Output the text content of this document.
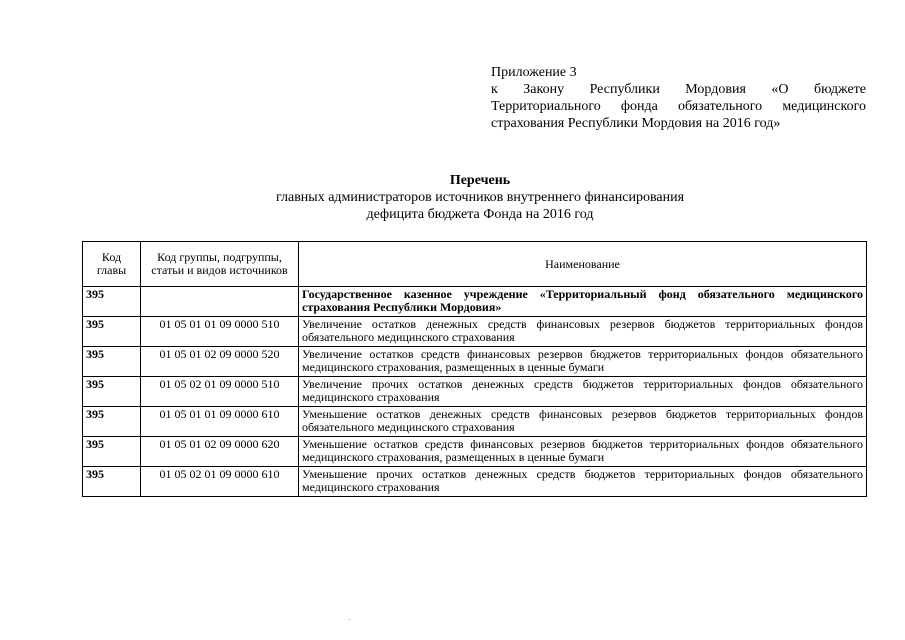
Приложение 3
к Закону Республики Мордовия «О бюджете
Территориального фонда обязательного медицинского
страхования Республики Мордовия на 2016 год»
Перечень
главных администраторов источников внутреннего финансирования
дефицита бюджета Фонда на 2016 год
Код главы	Код группы, подгруппы, статьи и видов источников	Наименование
395		Государственное казенное учреждение «Территориальный фонд обязательного медицинского страхования Республики Мордовия»
395	01 05 01 01 09 0000 510	Увеличение остатков денежных средств финансовых резервов бюджетов территориальных фондов обязательного медицинского страхования
395	01 05 01 02 09 0000 520	Увеличение остатков средств финансовых резервов бюджетов территориальных фондов обязательного медицинского страхования, размещенных в ценные бумаги
395	01 05 02 01 09 0000 510	Увеличение прочих остатков денежных средств бюджетов территориальных фондов обязательного медицинского страхования
395	01 05 01 01 09 0000 610	Уменьшение остатков денежных средств финансовых резервов бюджетов территориальных фондов обязательного медицинского страхования
395	01 05 01 02 09 0000 620	Уменьшение остатков средств финансовых резервов бюджетов территориальных фондов обязательного медицинского страхования, размещенных в ценные бумаги
395	01 05 02 01 09 0000 610	Уменьшение прочих остатков денежных средств бюджетов территориальных фондов обязательного медицинского страхования
